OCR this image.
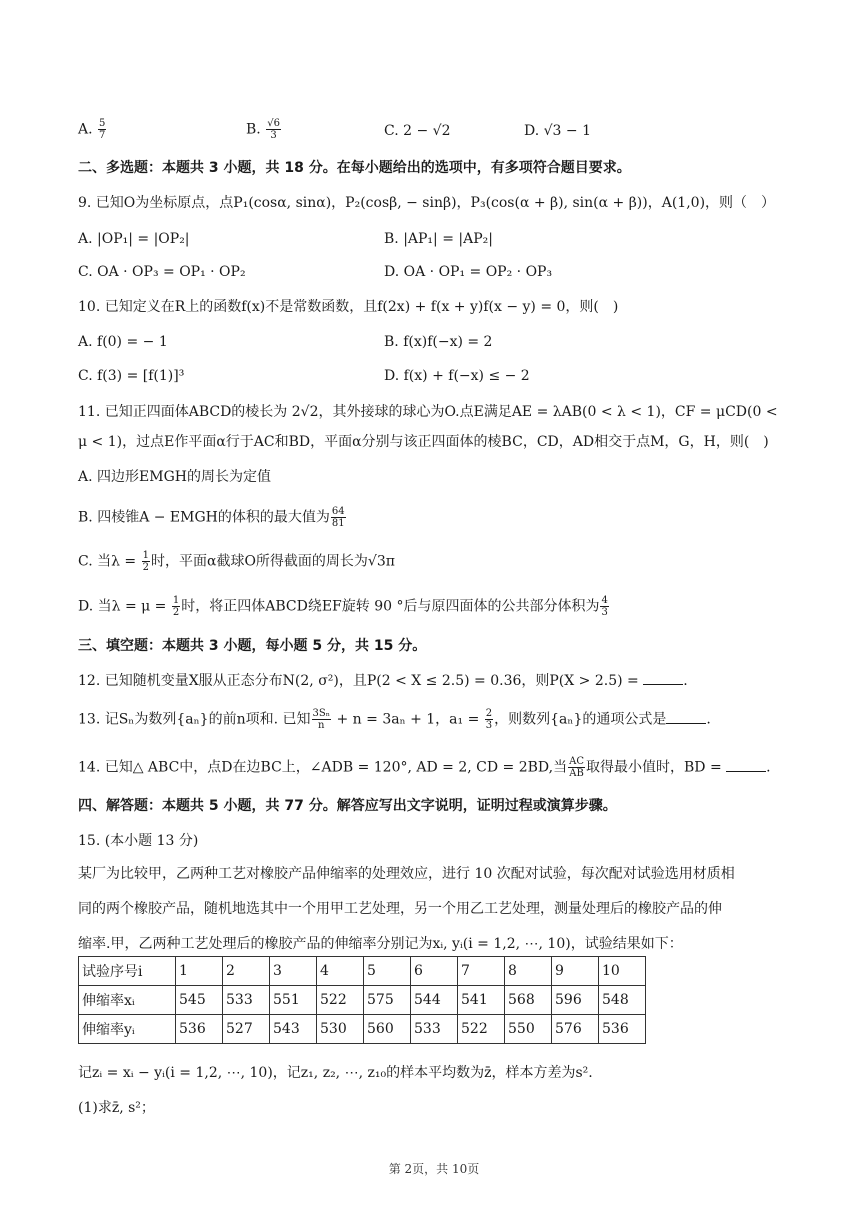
A. $\frac{5}{7}$	B. $\frac{√6}{3}$	C. 2 − √2	D. √3 − 1
二、多选题：本题共 3 小题，共 18 分。在每小题给出的选项中，有多项符合题目要求。
9. 已知O为坐标原点，点P₁(cosα, sinα)，P₂(cosβ, − sinβ)，P₃(cos(α + β), sin(α + β))，A(1,0)，则（　）
A. |OP₁| = |OP₂|	B. |AP₁| = |AP₂|
C. OA · OP₃ = OP₁ · OP₂	D. OA · OP₁ = OP₂ · OP₃
10. 已知定义在R上的函数f(x)不是常数函数，且f(2x) + f(x + y)f(x − y) = 0，则(　)
A. f(0) = − 1	B. f(x)f(−x) = 2
C. f(3) = [f(1)]³	D. f(x) + f(−x) ≤ − 2
11. 已知正四面体ABCD的棱长为 2√2，其外接球的球心为O.点E满足AE = λAB(0 < λ < 1)，CF = μCD(0 <
μ < 1)，过点E作平面α行于AC和BD，平面α分别与该正四面体的棱BC，CD，AD相交于点M，G，H，则(　)
A. 四边形EMGH的周长为定值
B. 四棱锥A − EMGH的体积的最大值为 $\frac{64}{81}$
C. 当$\lambda = \frac{1}{2}$ 时，平面α截球O所得截面的周长为√3π
D. 当$\lambda = \mu = \frac{1}{2}$ 时，将正四体ABCD绕EF旋转 90 °后与原四面体的公共部分体积为 $\frac{4}{3}$
三、填空题：本题共 3 小题，每小题 5 分，共 15 分。
12. 已知随机变量X服从正态分布N(2, σ²)，且P(2 < X ≤ 2.5) = 0.36，则P(X > 2.5) =	.
13. 记Sₙ为数列{aₙ}的前n项和. 已知 $\frac{\text{3Sₙ}}{n} + n = 3a_n + 1$，$a_1 = \frac{2}{3}$ ，则数列{aₙ}的通项公式是	.
14. 已知△ ABC中，点D在边BC上，∠ADB = 120°, AD = 2, CD = 2BD,当 $\frac{AC}{AB}$ 取得最小值时，BD =	.
四、解答题：本题共 5 小题，共 77 分。解答应写出文字说明，证明过程或演算步骤。
15. (本小题 13 分)
某厂为比较甲，乙两种工艺对橡胶产品伸缩率的处理效应，进行 10 次配对试验，每次配对试验选用材质相
同的两个橡胶产品，随机地选其中一个用甲工艺处理，另一个用乙工艺处理，测量处理后的橡胶产品的伸
缩率.甲，乙两种工艺处理后的橡胶产品的伸缩率分别记为xᵢ, yᵢ(i = 1,2, ⋯, 10)，试验结果如下：
试验序号i	1	2	3	4	5	6	7	8	9	10
伸缩率xᵢ	545	533	551	522	575	544	541	568	596	548
伸缩率yᵢ	536	527	543	530	560	533	522	550	576	536
记zᵢ = xᵢ − yᵢ(i = 1,2, ⋯, 10)，记z₁, z₂, ⋯, z₁₀的样本平均数为z̄，样本方差为s².
(1)求z̄, s²；
第 2页，共 10页
